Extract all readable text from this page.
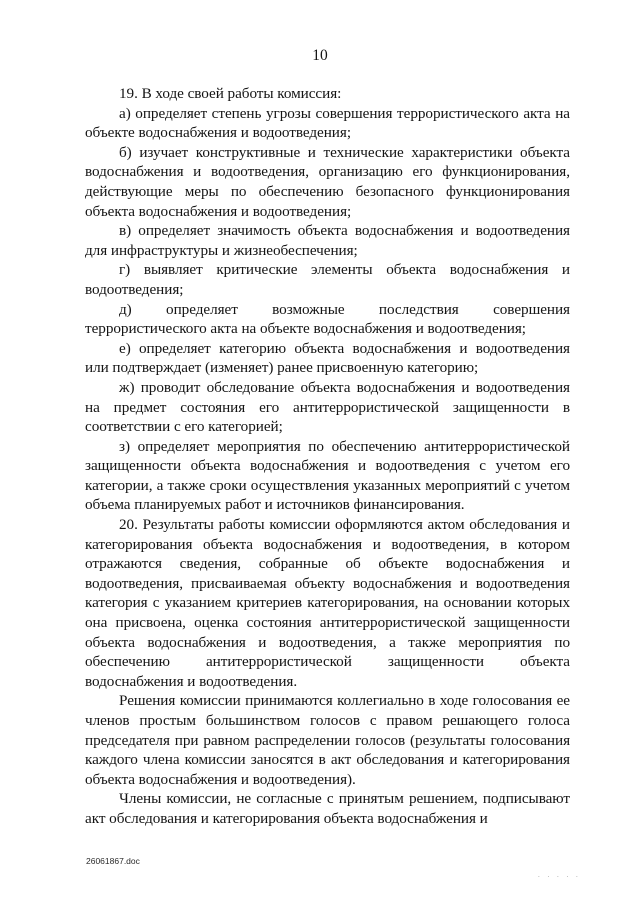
10

19. В ходе своей работы комиссия:

а) определяет степень угрозы совершения террористического акта на объекте водоснабжения и водоотведения;

б) изучает конструктивные и технические характеристики объекта водоснабжения и водоотведения, организацию его функционирования, действующие меры по обеспечению безопасного функционирования объекта водоснабжения и водоотведения;

в) определяет значимость объекта водоснабжения и водоотведения для инфраструктуры и жизнеобеспечения;

г) выявляет критические элементы объекта водоснабжения и водоотведения;

д) определяет возможные последствия совершения террористического акта на объекте водоснабжения и водоотведения;

е) определяет категорию объекта водоснабжения и водоотведения или подтверждает (изменяет) ранее присвоенную категорию;

ж) проводит обследование объекта водоснабжения и водоотведения на предмет состояния его антитеррористической защищенности в соответствии с его категорией;

з) определяет мероприятия по обеспечению антитеррористической защищенности объекта водоснабжения и водоотведения с учетом его категории, а также сроки осуществления указанных мероприятий с учетом объема планируемых работ и источников финансирования.

20. Результаты работы комиссии оформляются актом обследования и категорирования объекта водоснабжения и водоотведения, в котором отражаются сведения, собранные об объекте водоснабжения и водоотведения, присваиваемая объекту водоснабжения и водоотведения категория с указанием критериев категорирования, на основании которых она присвоена, оценка состояния антитеррористической защищенности объекта водоснабжения и водоотведения, а также мероприятия по обеспечению антитеррористической защищенности объекта водоснабжения и водоотведения.

Решения комиссии принимаются коллегиально в ходе голосования ее членов простым большинством голосов с правом решающего голоса председателя при равном распределении голосов (результаты голосования каждого члена комиссии заносятся в акт обследования и категорирования объекта водоснабжения и водоотведения).

Члены комиссии, не согласные с принятым решением, подписывают акт обследования и категорирования объекта водоснабжения и

26061867.doc
. . . . .
